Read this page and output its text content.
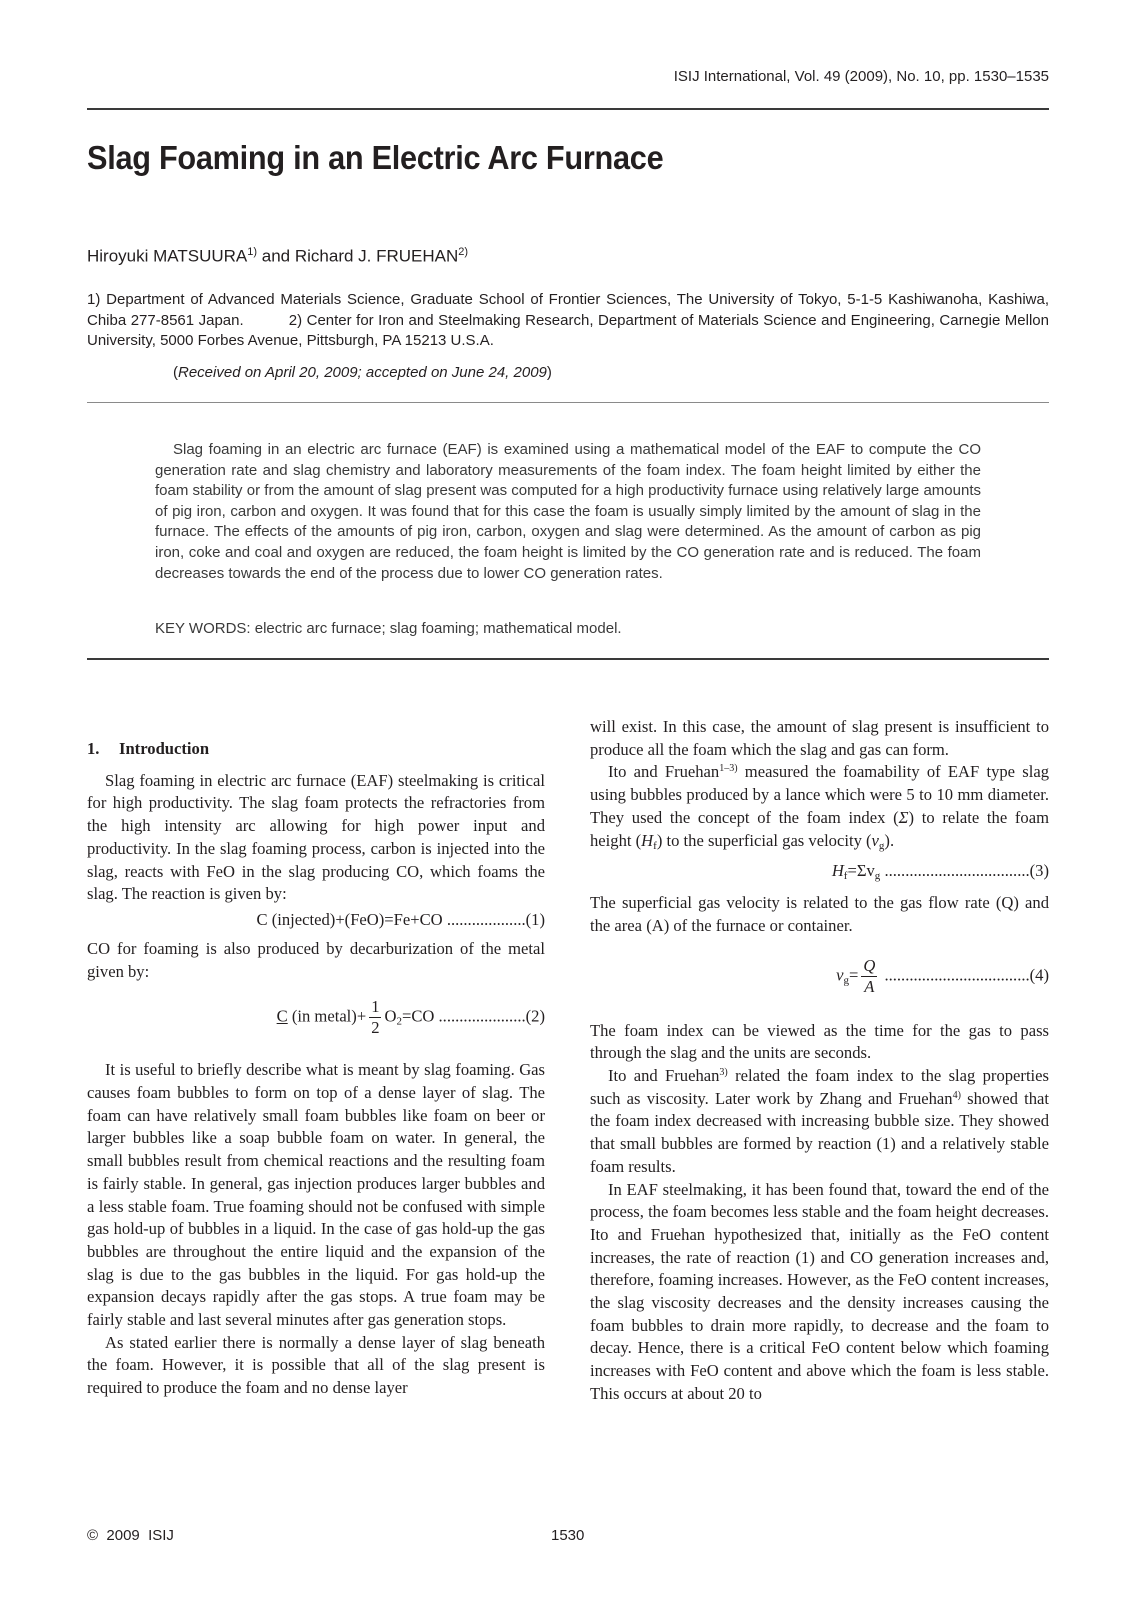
ISIJ International, Vol. 49 (2009), No. 10, pp. 1530–1535
Slag Foaming in an Electric Arc Furnace
Hiroyuki MATSUURA$^{1)}$ and Richard J. FRUEHAN$^{2)}$
1) Department of Advanced Materials Science, Graduate School of Frontier Sciences, The University of Tokyo, 5-1-5 Kashiwanoha, Kashiwa, Chiba 277-8561 Japan.          2) Center for Iron and Steelmaking Research, Department of Materials Science and Engineering, Carnegie Mellon University, 5000 Forbes Avenue, Pittsburgh, PA 15213 U.S.A.
(Received on April 20, 2009; accepted on June 24, 2009)

Slag foaming in an electric arc furnace (EAF) is examined using a mathematical model of the EAF to compute the CO generation rate and slag chemistry and laboratory measurements of the foam index. The foam height limited by either the foam stability or from the amount of slag present was computed for a high productivity furnace using relatively large amounts of pig iron, carbon and oxygen. It was found that for this case the foam is usually simply limited by the amount of slag in the furnace. The effects of the amounts of pig iron, carbon, oxygen and slag were determined. As the amount of carbon as pig iron, coke and coal and oxygen are reduced, the foam height is limited by the CO generation rate and is reduced. The foam decreases towards the end of the process due to lower CO generation rates.

KEY WORDS: electric arc furnace; slag foaming; mathematical model.

1. Introduction

Slag foaming in electric arc furnace (EAF) steelmaking is critical for high productivity. The slag foam protects the refractories from the high intensity arc allowing for high power input and productivity. In the slag foaming process, carbon is injected into the slag, reacts with FeO in the slag producing CO, which foams the slag. The reaction is given by:

C (injected)+(FeO)=Fe+CO ...................(1)

CO for foaming is also produced by decarburization of the metal given by:

C (in metal)+ $\frac{1}{2} O_2=CO$ .....................(2)

It is useful to briefly describe what is meant by slag foaming. Gas causes foam bubbles to form on top of a dense layer of slag. The foam can have relatively small foam bubbles like foam on beer or larger bubbles like a soap bubble foam on water. In general, the small bubbles result from chemical reactions and the resulting foam is fairly stable. In general, gas injection produces larger bubbles and a less stable foam. True foaming should not be confused with simple gas hold-up of bubbles in a liquid. In the case of gas hold-up the gas bubbles are throughout the entire liquid and the expansion of the slag is due to the gas bubbles in the liquid. For gas hold-up the expansion decays rapidly after the gas stops. A true foam may be fairly stable and last several minutes after gas generation stops.

As stated earlier there is normally a dense layer of slag beneath the foam. However, it is possible that all of the slag present is required to produce the foam and no dense layer

will exist. In this case, the amount of slag present is insufficient to produce all the foam which the slag and gas can form.

Ito and Fruehan$^{1-3)}$ measured the foamability of EAF type slag using bubbles produced by a lance which were 5 to 10 mm diameter. They used the concept of the foam index (Σ) to relate the foam height $(H_f)$ to the superficial gas velocity $(v_g)$.

$H_f=\Sigma v_g$ ...................................(3)

The superficial gas velocity is related to the gas flow rate (Q) and the area (A) of the furnace or container.

$v_g= \frac{Q}{A} ...................................(4)$

The foam index can be viewed as the time for the gas to pass through the slag and the units are seconds.

Ito and Fruehan$^{3)}$ related the foam index to the slag properties such as viscosity. Later work by Zhang and Fruehan$^{4)}$ showed that the foam index decreased with increasing bubble size. They showed that small bubbles are formed by reaction (1) and a relatively stable foam results.

In EAF steelmaking, it has been found that, toward the end of the process, the foam becomes less stable and the foam height decreases. Ito and Fruehan hypothesized that, initially as the FeO content increases, the rate of reaction (1) and CO generation increases and, therefore, foaming increases. However, as the FeO content increases, the slag viscosity decreases and the density increases causing the foam bubbles to drain more rapidly, to decrease and the foam to decay. Hence, there is a critical FeO content below which foaming increases with FeO content and above which the foam is less stable. This occurs at about 20 to

©  2009  ISIJ	1530
